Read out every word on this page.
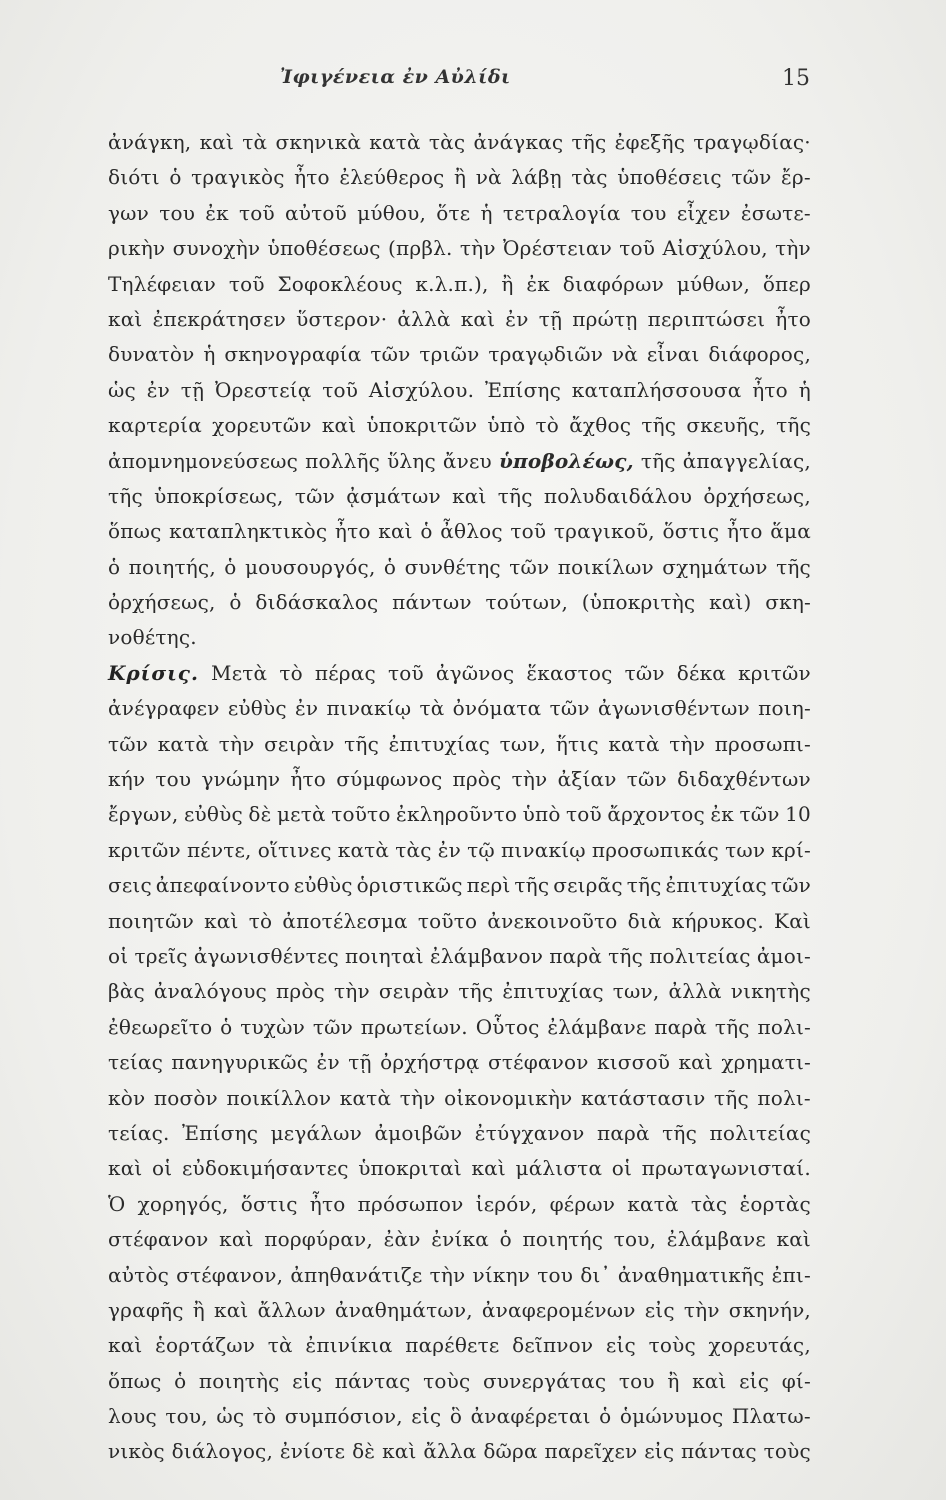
Ἰφιγένεια ἐν Αὐλίδι	15
ἀνάγκη, καὶ τὰ σκηνικὰ κατὰ τὰς ἀνάγκας τῆς ἐφεξῆς τραγῳδίας·
διότι ὁ τραγικὸς ἦτο ἐλεύθερος ἢ νὰ λάβῃ τὰς ὑποθέσεις τῶν ἔρ-
γων του ἐκ τοῦ αὐτοῦ μύθου, ὅτε ἡ τετραλογία του εἶχεν ἐσωτε-
ρικὴν συνοχὴν ὑποθέσεως (πρβλ. τὴν Ὀρέστειαν τοῦ Αἰσχύλου, τὴν
Τηλέφειαν τοῦ Σοφοκλέους κ.λ.π.), ἢ ἐκ διαφόρων μύθων, ὅπερ
καὶ ἐπεκράτησεν ὕστερον· ἀλλὰ καὶ ἐν τῇ πρώτῃ περιπτώσει ἦτο
δυνατὸν ἡ σκηνογραφία τῶν τριῶν τραγῳδιῶν νὰ εἶναι διάφορος,
ὡς ἐν τῇ Ὀρεστείᾳ τοῦ Αἰσχύλου. Ἐπίσης καταπλήσσουσα ἦτο ἡ
καρτερία χορευτῶν καὶ ὑποκριτῶν ὑπὸ τὸ ἄχθος τῆς σκευῆς, τῆς
ἀπομνημονεύσεως πολλῆς ὕλης ἄνευ ὑποβολέως, τῆς ἀπαγγελίας,
τῆς ὑποκρίσεως, τῶν ᾀσμάτων καὶ τῆς πολυδαιδάλου ὀρχήσεως,
ὅπως καταπληκτικὸς ἦτο καὶ ὁ ἆθλος τοῦ τραγικοῦ, ὅστις ἦτο ἅμα
ὁ ποιητής, ὁ μουσουργός, ὁ συνθέτης τῶν ποικίλων σχημάτων τῆς
ὀρχήσεως, ὁ διδάσκαλος πάντων τούτων, (ὑποκριτὴς καὶ) σκη-
νοθέτης.
Κρίσις. Μετὰ τὸ πέρας τοῦ ἀγῶνος ἕκαστος τῶν δέκα κριτῶν
ἀνέγραφεν εὐθὺς ἐν πινακίῳ τὰ ὀνόματα τῶν ἀγωνισθέντων ποιη-
τῶν κατὰ τὴν σειρὰν τῆς ἐπιτυχίας των, ἥτις κατὰ τὴν προσωπι-
κήν του γνώμην ἦτο σύμφωνος πρὸς τὴν ἀξίαν τῶν διδαχθέντων
ἔργων, εὐθὺς δὲ μετὰ τοῦτο ἐκληροῦντο ὑπὸ τοῦ ἄρχοντος ἐκ τῶν 10
κριτῶν πέντε, οἵτινες κατὰ τὰς ἐν τῷ πινακίῳ προσωπικάς των κρί-
σεις ἀπεφαίνοντο εὐθὺς ὁριστικῶς περὶ τῆς σειρᾶς τῆς ἐπιτυχίας τῶν
ποιητῶν καὶ τὸ ἀποτέλεσμα τοῦτο ἀνεκοινοῦτο διὰ κήρυκος. Καὶ
οἱ τρεῖς ἀγωνισθέντες ποιηταὶ ἐλάμβανον παρὰ τῆς πολιτείας ἀμοι-
βὰς ἀναλόγους πρὸς τὴν σειρὰν τῆς ἐπιτυχίας των, ἀλλὰ νικητὴς
ἐθεωρεῖτο ὁ τυχὼν τῶν πρωτείων. Οὗτος ἐλάμβανε παρὰ τῆς πολι-
τείας πανηγυρικῶς ἐν τῇ ὀρχήστρᾳ στέφανον κισσοῦ καὶ χρηματι-
κὸν ποσὸν ποικίλλον κατὰ τὴν οἰκονομικὴν κατάστασιν τῆς πολι-
τείας. Ἐπίσης μεγάλων ἀμοιβῶν ἐτύγχανον παρὰ τῆς πολιτείας
καὶ οἱ εὐδοκιμήσαντες ὑποκριταὶ καὶ μάλιστα οἱ πρωταγωνισταί.
Ὁ χορηγός, ὅστις ἦτο πρόσωπον ἱερόν, φέρων κατὰ τὰς ἑορτὰς
στέφανον καὶ πορφύραν, ἐὰν ἐνίκα ὁ ποιητής του, ἐλάμβανε καὶ
αὐτὸς στέφανον, ἀπηθανάτιζε τὴν νίκην του δι᾿ ἀναθηματικῆς ἐπι-
γραφῆς ἢ καὶ ἄλλων ἀναθημάτων, ἀναφερομένων εἰς τὴν σκηνήν,
καὶ ἑορτάζων τὰ ἐπινίκια παρέθετε δεῖπνον εἰς τοὺς χορευτάς,
ὅπως ὁ ποιητὴς εἰς πάντας τοὺς συνεργάτας του ἢ καὶ εἰς φί-
λους του, ὡς τὸ συμπόσιον, εἰς ὃ ἀναφέρεται ὁ ὁμώνυμος Πλατω-
νικὸς διάλογος, ἐνίοτε δὲ καὶ ἄλλα δῶρα παρεῖχεν εἰς πάντας τοὺς
